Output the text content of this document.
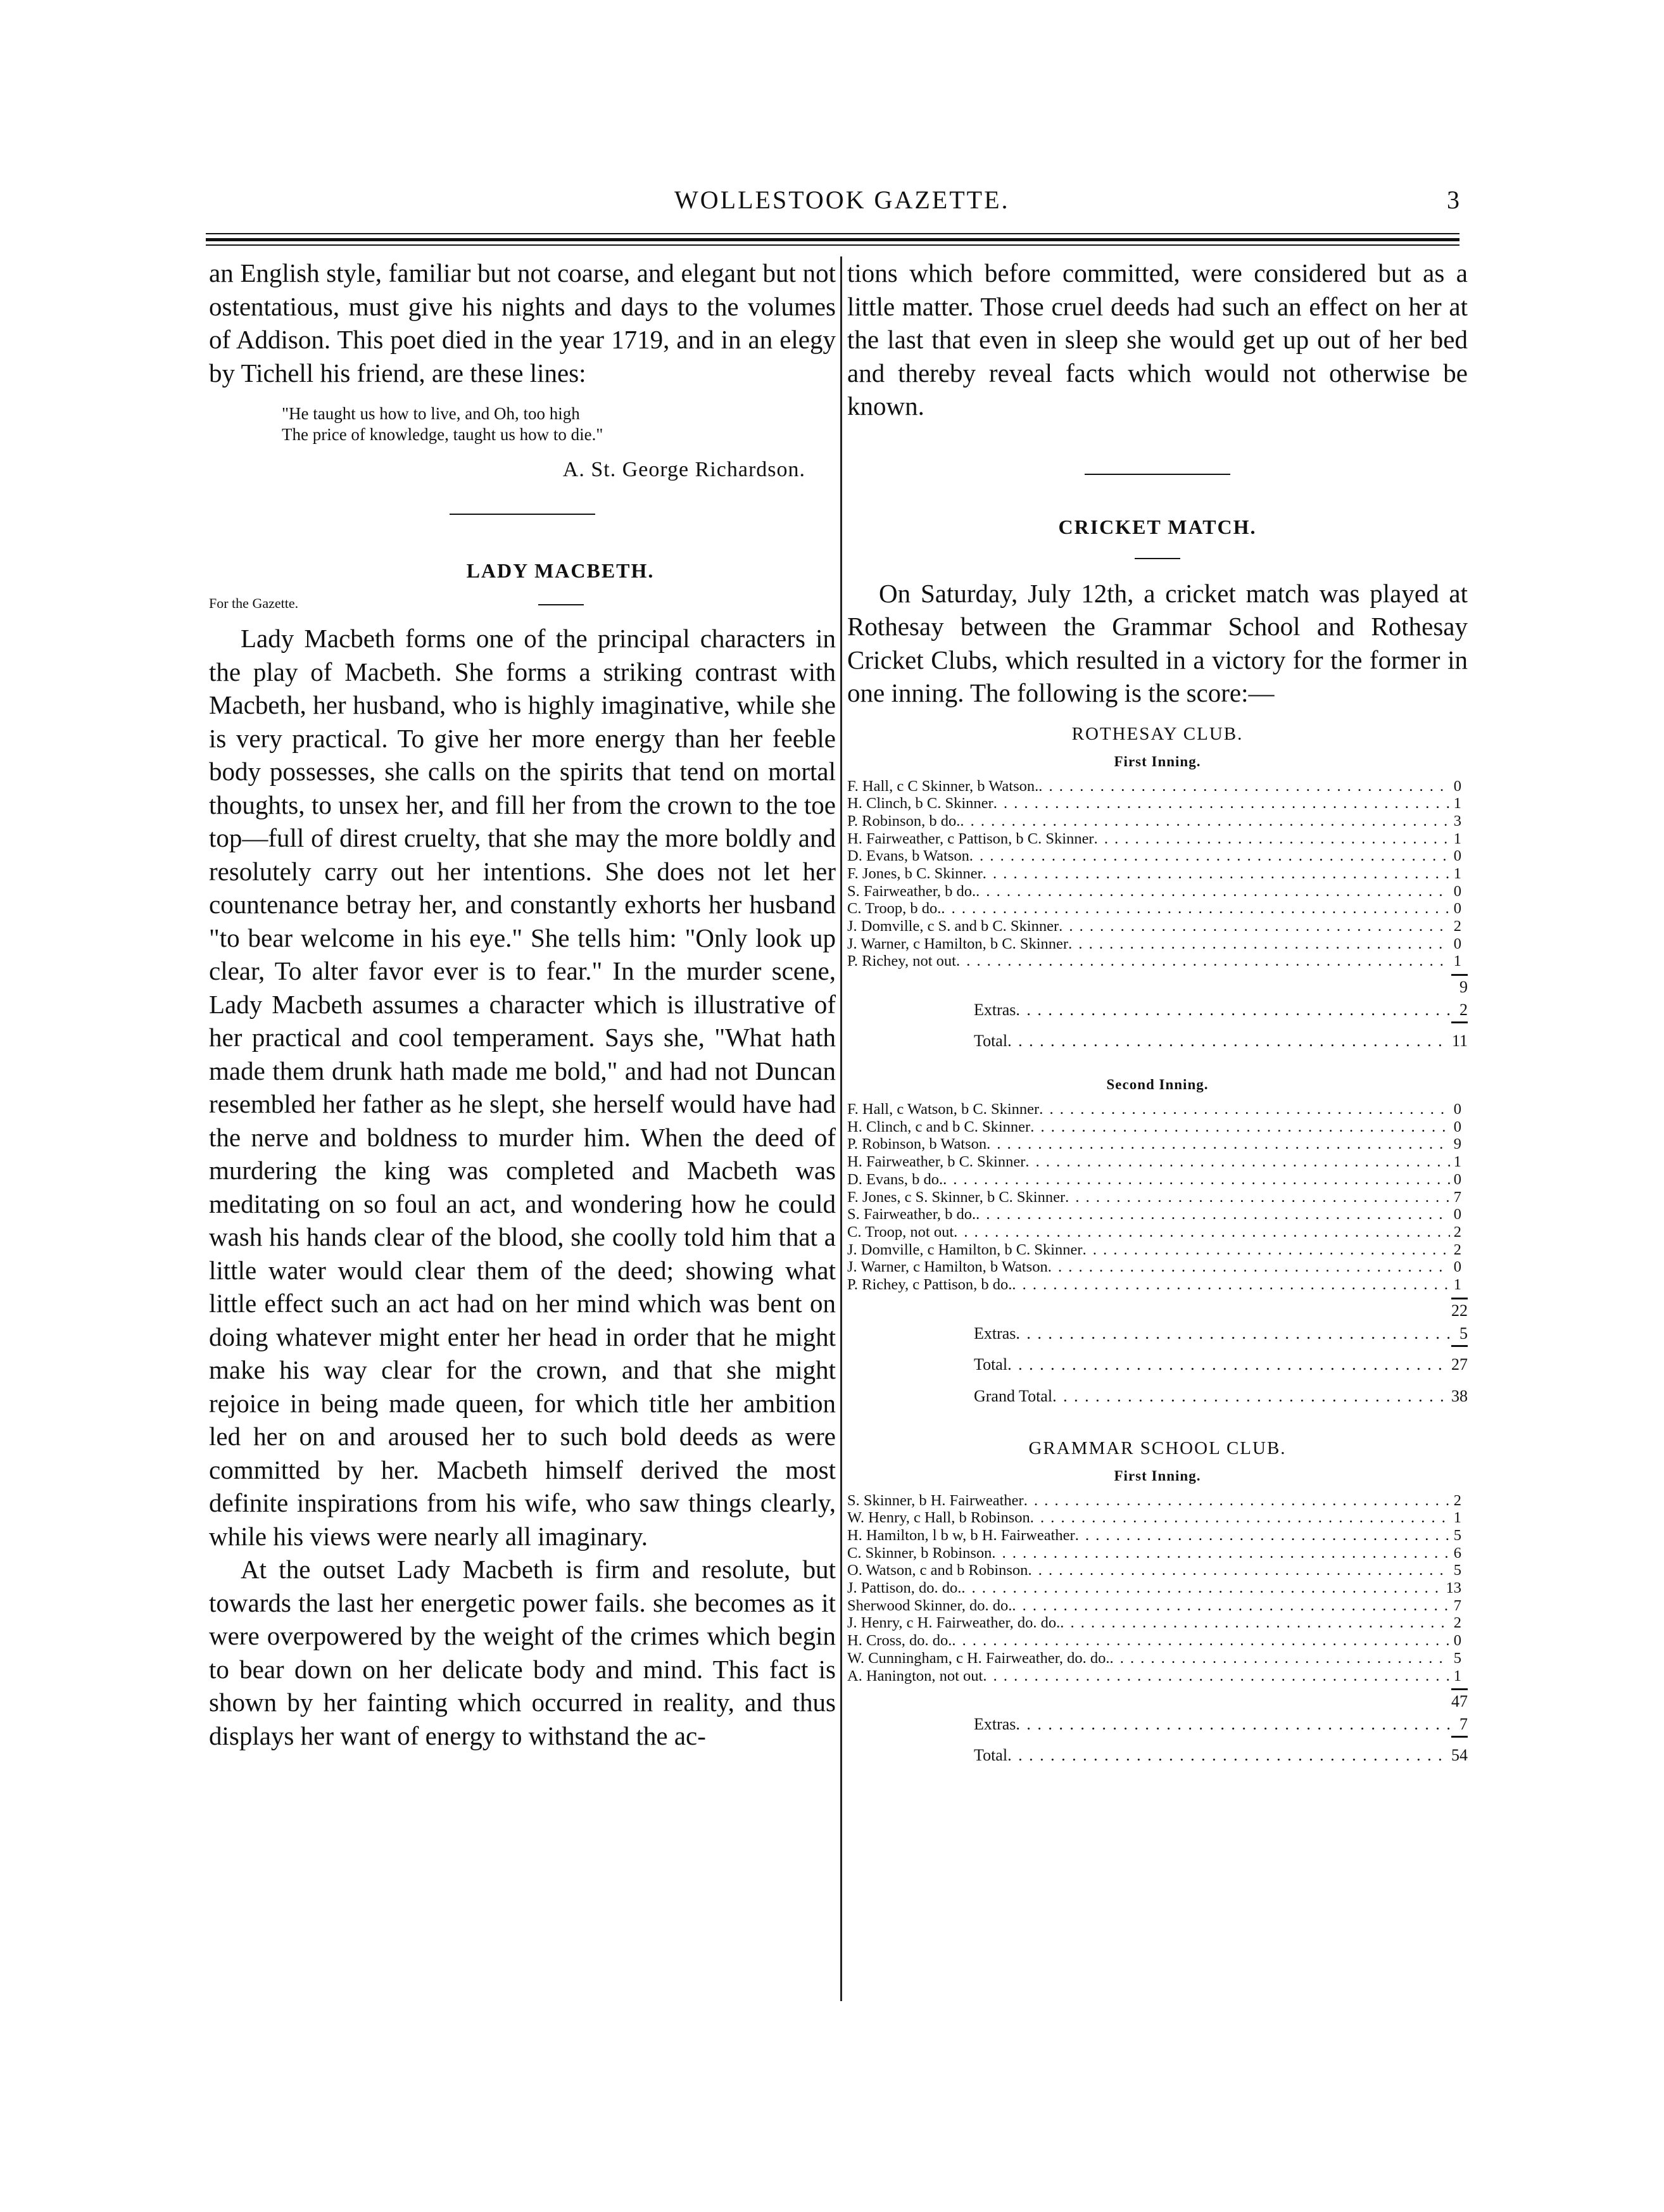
WOLLESTOOK GAZETTE.	3

an English style, familiar but not coarse, and elegant but not ostentatious, must give his nights and days to the volumes of Addison. This poet died in the year 1719, and in an elegy by Tichell his friend, are these lines:

"He taught us how to live, and Oh, too high
The price of knowledge, taught us how to die."
A. St. George Richardson.
For the Gazette.
LADY MACBETH.

Lady Macbeth forms one of the principal characters in the play of Macbeth. She forms a striking contrast with Macbeth, her husband, who is highly imaginative, while she is very practical. To give her more energy than her feeble body possesses, she calls on the spirits that tend on mortal thoughts, to unsex her, and fill her from the crown to the toe top—full of direst cruelty, that she may the more boldly and resolutely carry out her intentions. She does not let her countenance betray her, and constantly exhorts her husband "to bear welcome in his eye." She tells him: "Only look up clear, To alter favor ever is to fear." In the murder scene, Lady Macbeth assumes a character which is illustrative of her practical and cool temperament. Says she, "What hath made them drunk hath made me bold," and had not Duncan resembled her father as he slept, she herself would have had the nerve and boldness to murder him. When the deed of murdering the king was completed and Macbeth was meditating on so foul an act, and wondering how he could wash his hands clear of the blood, she coolly told him that a little water would clear them of the deed; showing what little effect such an act had on her mind which was bent on doing whatever might enter her head in order that he might make his way clear for the crown, and that she might rejoice in being made queen, for which title her ambition led her on and aroused her to such bold deeds as were committed by her. Macbeth himself derived the most definite inspirations from his wife, who saw things clearly, while his views were nearly all imaginary.

At the outset Lady Macbeth is firm and resolute, but towards the last her energetic power fails. she becomes as it were overpowered by the weight of the crimes which begin to bear down on her delicate body and mind. This fact is shown by her fainting which occurred in reality, and thus displays her want of energy to withstand the ac-

tions which before committed, were considered but as a little matter. Those cruel deeds had such an effect on her at the last that even in sleep she would get up out of her bed and thereby reveal facts which would not otherwise be known.

CRICKET MATCH.

On Saturday, July 12th, a cricket match was played at Rothesay between the Grammar School and Rothesay Cricket Clubs, which resulted in a victory for the former in one inning. The following is the score:—

ROTHESAY CLUB.
First Inning.
F. Hall, c C Skinner, b Watson. . . .	0
H. Clinch, b C. Skinner . . .	1
P. Robinson, b do. . . .	3
H. Fairweather, c Pattison, b C. Skinner . . .	1
D. Evans, b Watson . . .	0
F. Jones, b C. Skinner . . .	1
S. Fairweather, b do. . . .	0
C. Troop, b do. . . .	0
J. Domville, c S. and b C. Skinner . . .	2
J. Warner, c Hamilton, b C. Skinner . . .	0
P. Richey, not out . . .	1
9
Extras . . .	2
Total . . .	11
Second Inning.
F. Hall, c Watson, b C. Skinner . . .	0
H. Clinch, c and b C. Skinner . . .	0
P. Robinson, b Watson . . .	9
H. Fairweather, b C. Skinner . . .	1
D. Evans, b do. . . .	0
F. Jones, c S. Skinner, b C. Skinner . . .	7
S. Fairweather, b do. . . .	0
C. Troop, not out . . .	2
J. Domville, c Hamilton, b C. Skinner . . .	2
J. Warner, c Hamilton, b Watson . . .	0
P. Richey, c Pattison, b do. . . .	1
22
Extras . . .	5
Total . . .	27
Grand Total . . .	38
GRAMMAR SCHOOL CLUB.
First Inning.
S. Skinner, b H. Fairweather . . .	2
W. Henry, c Hall, b Robinson . . .	1
H. Hamilton, l b w, b H. Fairweather . . .	5
C. Skinner, b Robinson . . .	6
O. Watson, c and b Robinson . . .	5
J. Pattison, do. do. . . .	13
Sherwood Skinner, do. do. . . .	7
J. Henry, c H. Fairweather, do. do. . . .	2
H. Cross, do. do. . . .	0
W. Cunningham, c H. Fairweather, do. do. . . .	5
A. Hanington, not out . . .	1
47
Extras . . .	7
Total . . .	54
